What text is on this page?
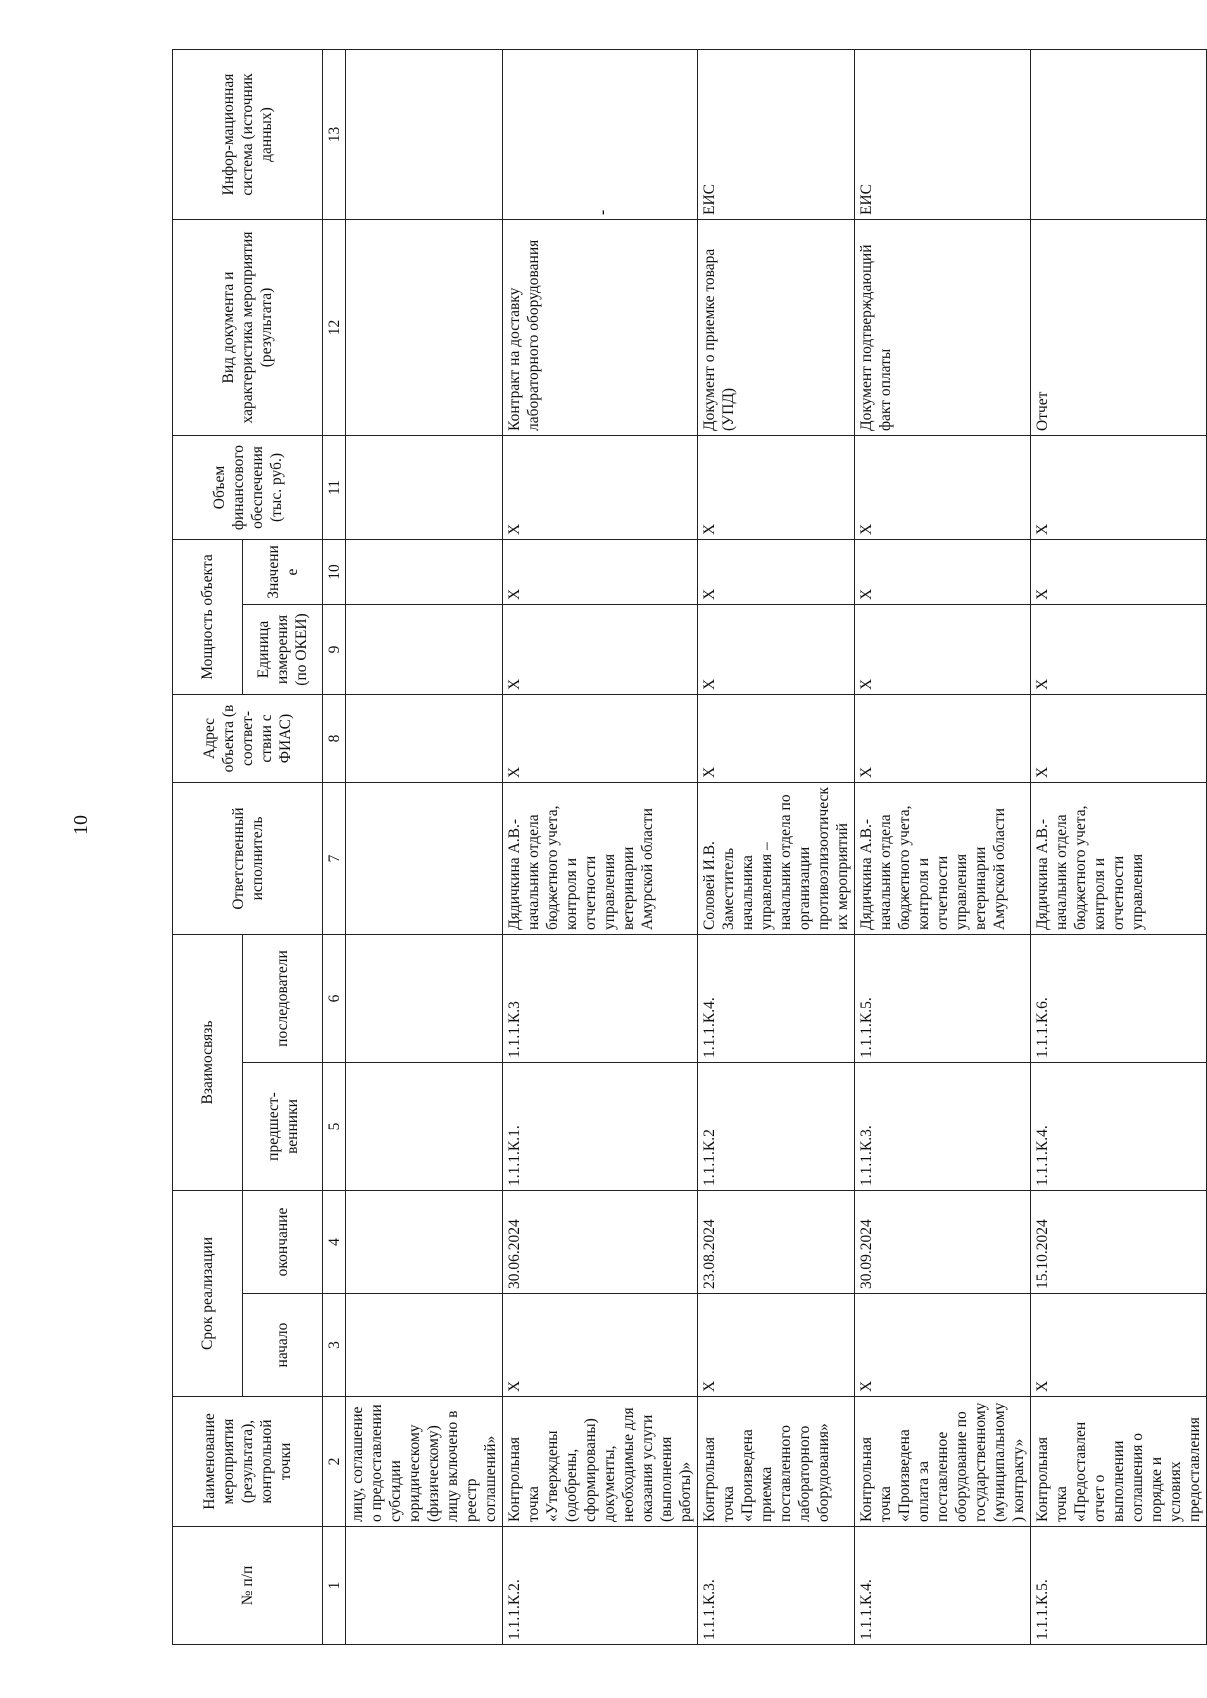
10
№ п/п	Наименование мероприятия (результата), контрольной точки	Срок реализации		Взаимосвязь		Ответственный исполнитель	Адрес объекта (в соответ-ствии с ФИАС)	Мощность объекта		Объем финансового обеспечения (тыс. руб.)	Вид документа и характеристика мероприятия (результата)	Инфор-мационная система (источник данных)
		начало	окончание	предшест-венники	последователи			Единица измерения (по ОКЕИ)	Значение			
1	2	3	4	5	6	7	8	9	10	11	12	13
	лицу, соглашение о предоставлении субсидии юридическому (физическому) лицу включено в реестр соглашений»											
1.1.1.К.2.	Контрольная точка «Утверждены (одобрены, сформированы) документы, необходимые для оказания услуги (выполнения работы)»	X	30.06.2024	1.1.1.К.1.	1.1.1.К.3	Дядичкина А.В.- начальник отдела бюджетного учета, контроля и отчетности управления ветеринарии Амурской области	X	X	X	X	Контракт на доставку лабораторного оборудования	-
1.1.1.К.3.	Контрольная точка «Произведена приемка поставленного лабораторного оборудования»	X	23.08.2024	1.1.1.К.2	1.1.1.К.4.	Соловей И.В. Заместитель начальника управления – начальник отдела по организации противоэпизоотических мероприятий	X	X	X	X	Документ о приемке товара (УПД)	ЕИС
1.1.1.К.4.	Контрольная точка «Произведена оплата за поставленное оборудование по государственному (муниципальному) контракту»	X	30.09.2024	1.1.1.К.3.	1.1.1.К.5.	Дядичкина А.В.- начальник отдела бюджетного учета, контроля и отчетности управления ветеринарии Амурской области	X	X	X	X	Документ подтверждающий факт оплаты	ЕИС
1.1.1.К.5.	Контрольная точка «Предоставлен отчет о выполнении соглашения о порядке и условиях предоставления	X	15.10.2024	1.1.1.К.4.	1.1.1.К.6.	Дядичкина А.В.- начальник отдела бюджетного учета, контроля и отчетности управления	X	X	X	X	Отчет	
